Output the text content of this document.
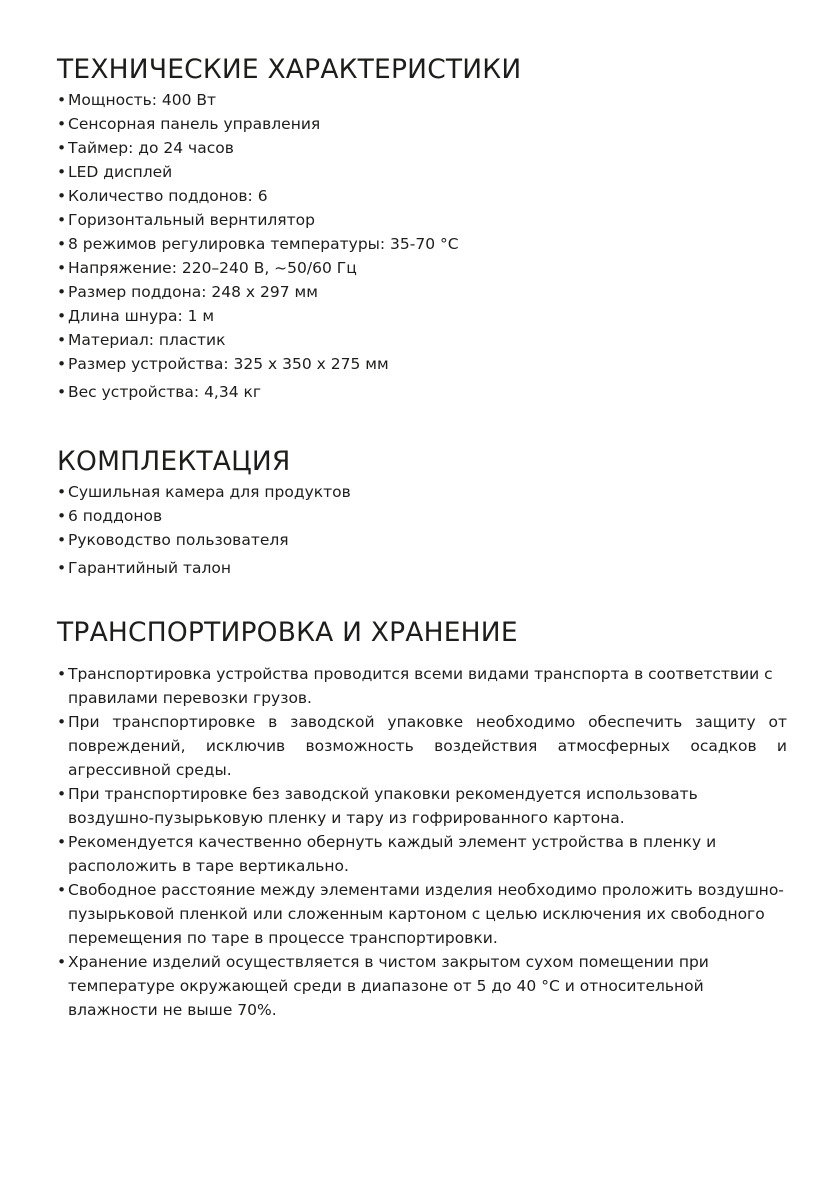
ТЕХНИЧЕСКИЕ ХАРАКТЕРИСТИКИ
• Мощность: 400 Вт
• Сенсорная панель управления
• Таймер: до 24 часов
• LED дисплей
• Количество поддонов: 6
• Горизонтальный вернтилятор
• 8 режимов регулировка температуры: 35-70 °С
• Напряжение: 220–240 В, ~50/60 Гц
• Размер поддона: 248 x 297 мм
• Длина шнура: 1 м
• Материал: пластик
• Размер устройства: 325 x 350 x 275 мм
• Вес устройства: 4,34 кг
КОМПЛЕКТАЦИЯ
• Сушильная камера для продуктов
• 6 поддонов
• Руководство пользователя
• Гарантийный талон
ТРАНСПОРТИРОВКА И ХРАНЕНИЕ
• Транспортировка устройства проводится всеми видами транспорта в соответствии с правилами перевозки грузов.
• При транспортировке в заводской упаковке необходимо обеспечить защиту от повреждений, исключив возможность воздействия атмосферных осадков и агрессивной среды.
• При транспортировке без заводской упаковки рекомендуется использовать воздушно-пузырьковую пленку и тару из гофрированного картона.
• Рекомендуется качественно обернуть каждый элемент устройства в пленку и расположить в таре вертикально.
• Свободное расстояние между элементами изделия необходимо проложить воздушно-пузырьковой пленкой или сложенным картоном с целью исключения их свободного перемещения по таре в процессе транспортировки.
• Хранение изделий осуществляется в чистом закрытом сухом помещении при температуре окружающей среди в диапазоне от 5 до 40 °С и относительной влажности не выше 70%.
